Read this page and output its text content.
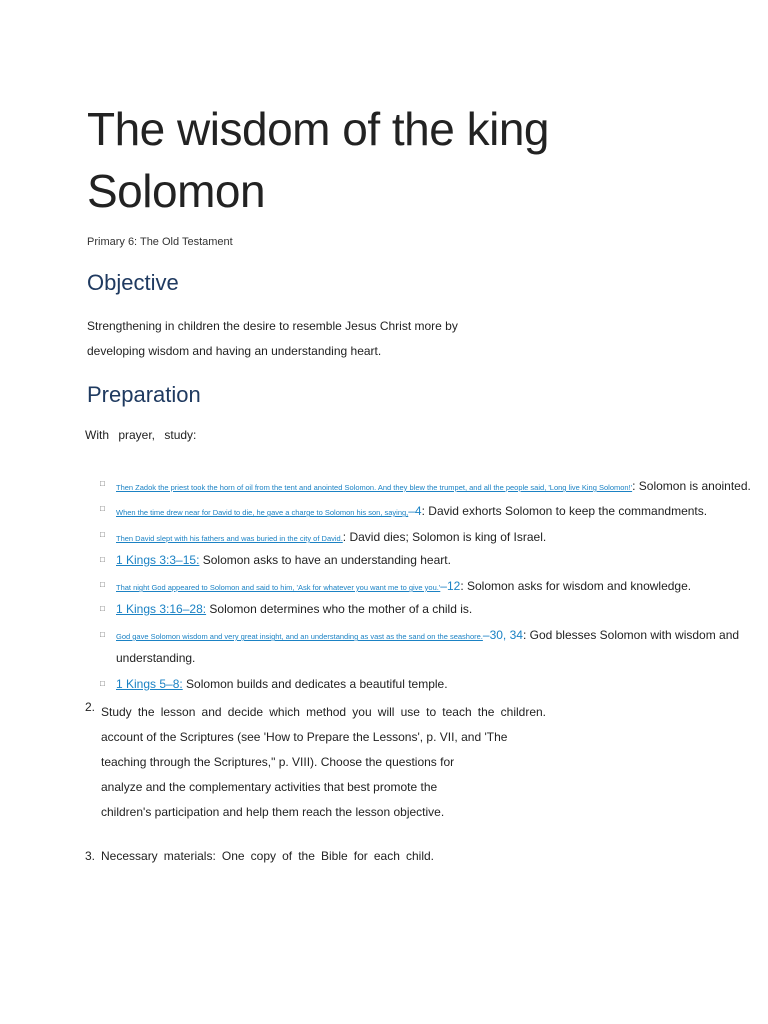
The wisdom of the king Solomon
Primary 6: The Old Testament
Objective
Strengthening in children the desire to resemble Jesus Christ more by developing wisdom and having an understanding heart.
Preparation
With prayer, study:
□ Then Zadok the priest took the horn of oil from the tent and anointed Solomon. And they blew the trumpet, and all the people said, 'Long live King Solomon!': Solomon is anointed.
□ When the time drew near for David to die, he gave a charge to Solomon his son, saying,–4: David exhorts Solomon to keep the commandments.
□ Then David slept with his fathers and was buried in the city of David.: David dies; Solomon is king of Israel.
□ 1 Kings 3:3–15: Solomon asks to have an understanding heart.
□ That night God appeared to Solomon and said to him, 'Ask for whatever you want me to give you.'–12: Solomon asks for wisdom and knowledge.
□ 1 Kings 3:16–28: Solomon determines who the mother of a child is.
□ God gave Solomon wisdom and very great insight, and an understanding as vast as the sand on the seashore.–30, 34: God blesses Solomon with wisdom and
understanding.
□ 1 Kings 5–8: Solomon builds and dedicates a beautiful temple.
2. Study the lesson and decide which method you will use to teach the children.
account of the Scriptures (see 'How to Prepare the Lessons', p. VII, and 'The
teaching through the Scriptures," p. VIII). Choose the questions for
analyze and the complementary activities that best promote the
children's participation and help them reach the lesson objective.
3. Necessary materials: One copy of the Bible for each child.
